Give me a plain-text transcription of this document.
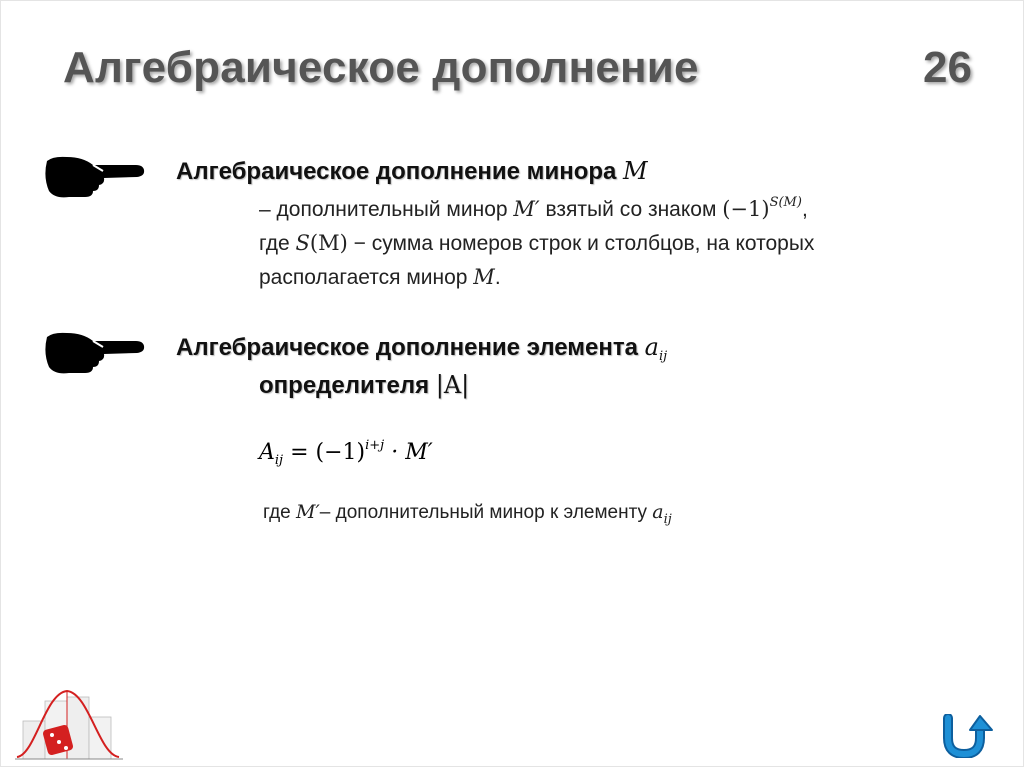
Алгебраическое дополнение	26
Алгебраическое дополнение минора M
– дополнительный минор M′ взятый со знаком $(-1)^{S(M)}$,
где S(M) − сумма номеров строк и столбцов, на которых
располагается минор M.
Алгебраическое дополнение элемента $a_{ij}$
определителя |A|
$A_{ij} = (-1)^{i+j} \cdot M'$
где M′– дополнительный минор к элементу $a_{ij}$
